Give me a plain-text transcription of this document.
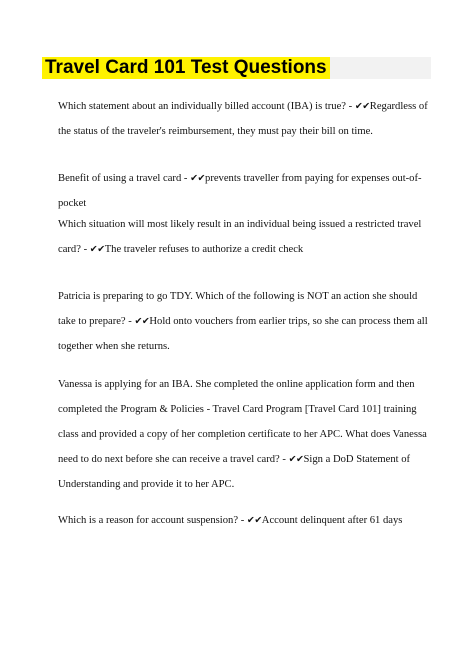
Travel Card 101 Test Questions

Which statement about an individually billed account (IBA) is true? - ✔✔Regardless of the status of the traveler's reimbursement, they must pay their bill on time.

Benefit of using a travel card - ✔✔prevents traveller from paying for expenses out-of-pocket

Which situation will most likely result in an individual being issued a restricted travel card? - ✔✔The traveler refuses to authorize a credit check

Patricia is preparing to go TDY. Which of the following is NOT an action she should take to prepare? - ✔✔Hold onto vouchers from earlier trips, so she can process them all together when she returns.

Vanessa is applying for an IBA. She completed the online application form and then completed the Program & Policies - Travel Card Program [Travel Card 101] training class and provided a copy of her completion certificate to her APC. What does Vanessa need to do next before she can receive a travel card? - ✔✔Sign a DoD Statement of Understanding and provide it to her APC.

Which is a reason for account suspension? - ✔✔Account delinquent after 61 days
